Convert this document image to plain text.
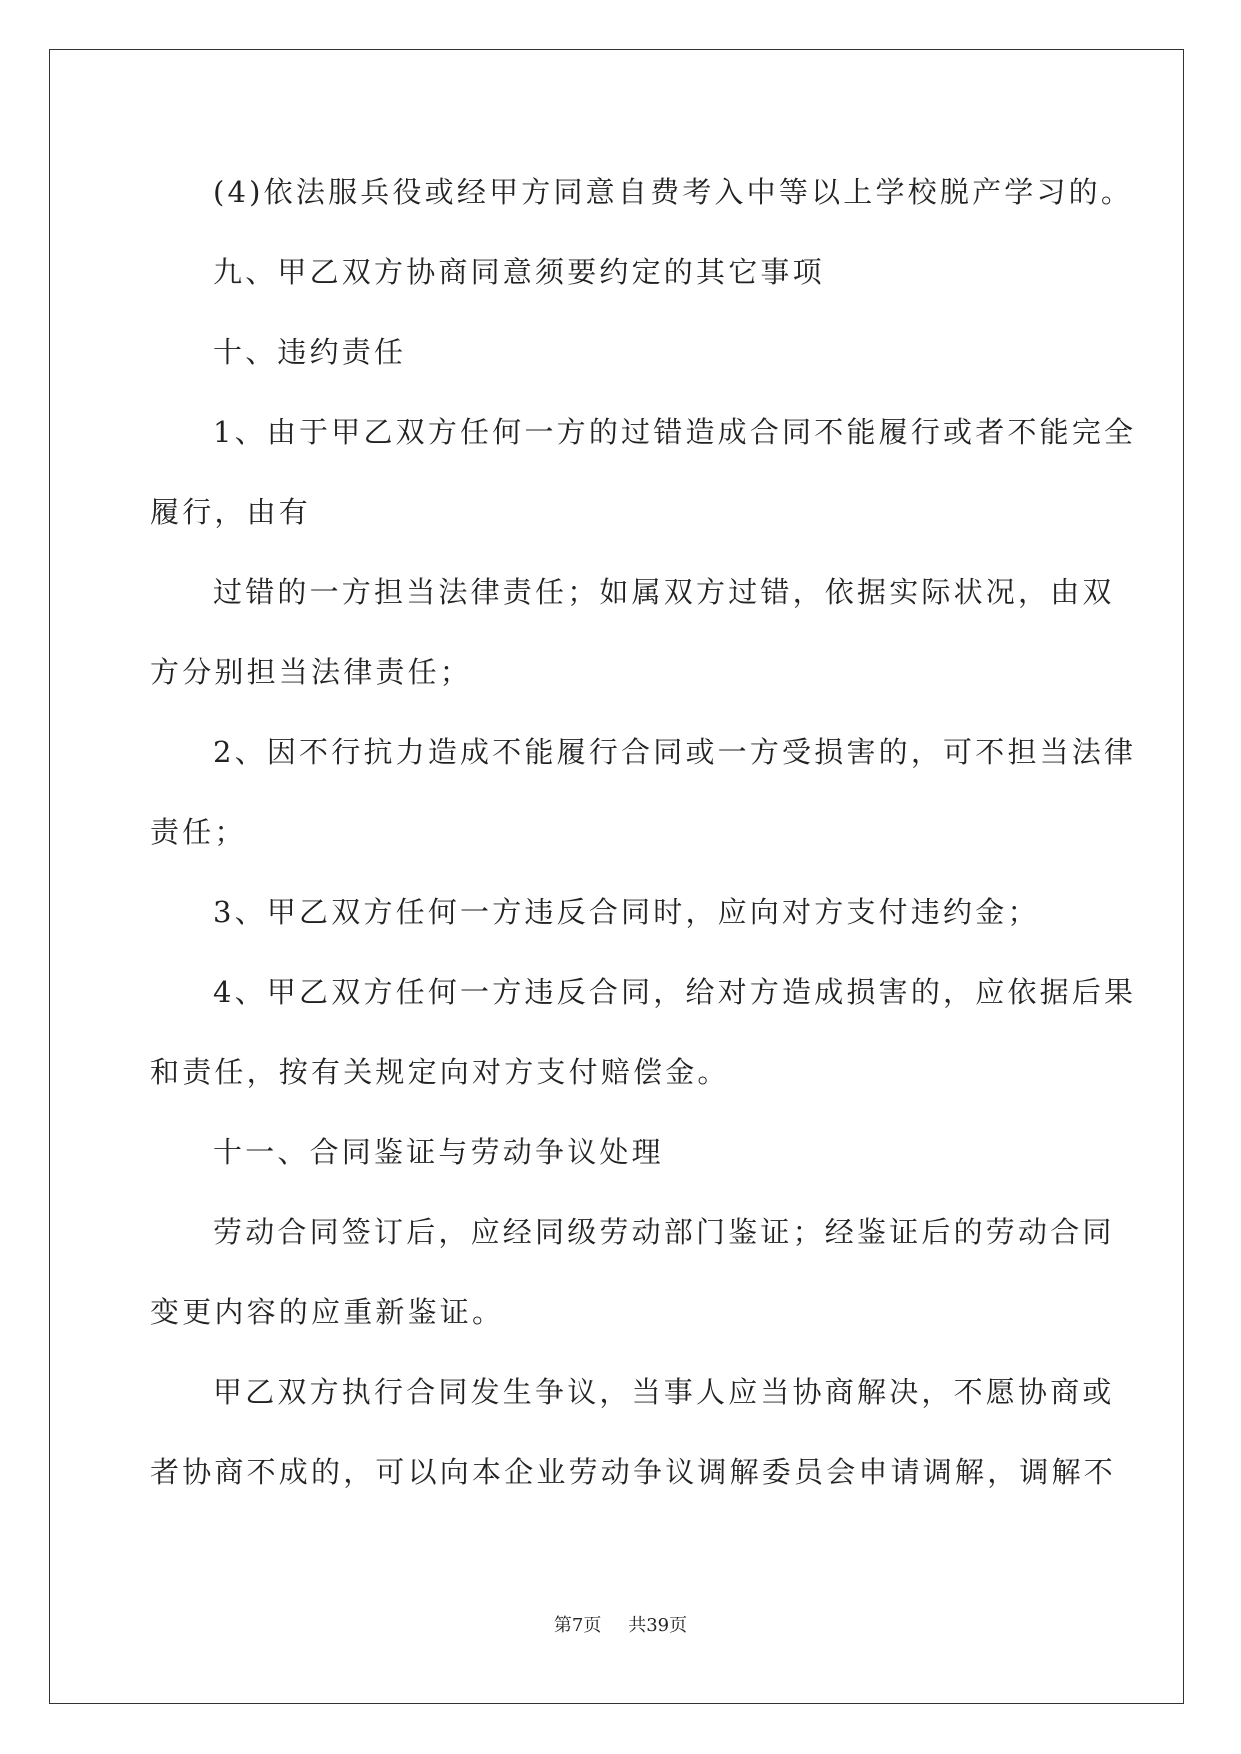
(4)依法服兵役或经甲方同意自费考入中等以上学校脱产学习的。
九、甲乙双方协商同意须要约定的其它事项
十、违约责任
1、由于甲乙双方任何一方的过错造成合同不能履行或者不能完全
履行，由有
过错的一方担当法律责任；如属双方过错，依据实际状况，由双
方分别担当法律责任；
2、因不行抗力造成不能履行合同或一方受损害的，可不担当法律
责任；
3、甲乙双方任何一方违反合同时，应向对方支付违约金；
4、甲乙双方任何一方违反合同，给对方造成损害的，应依据后果
和责任，按有关规定向对方支付赔偿金。
十一、合同鉴证与劳动争议处理
劳动合同签订后，应经同级劳动部门鉴证；经鉴证后的劳动合同
变更内容的应重新鉴证。
甲乙双方执行合同发生争议，当事人应当协商解决，不愿协商或
者协商不成的，可以向本企业劳动争议调解委员会申请调解，调解不
第7页 共39页
